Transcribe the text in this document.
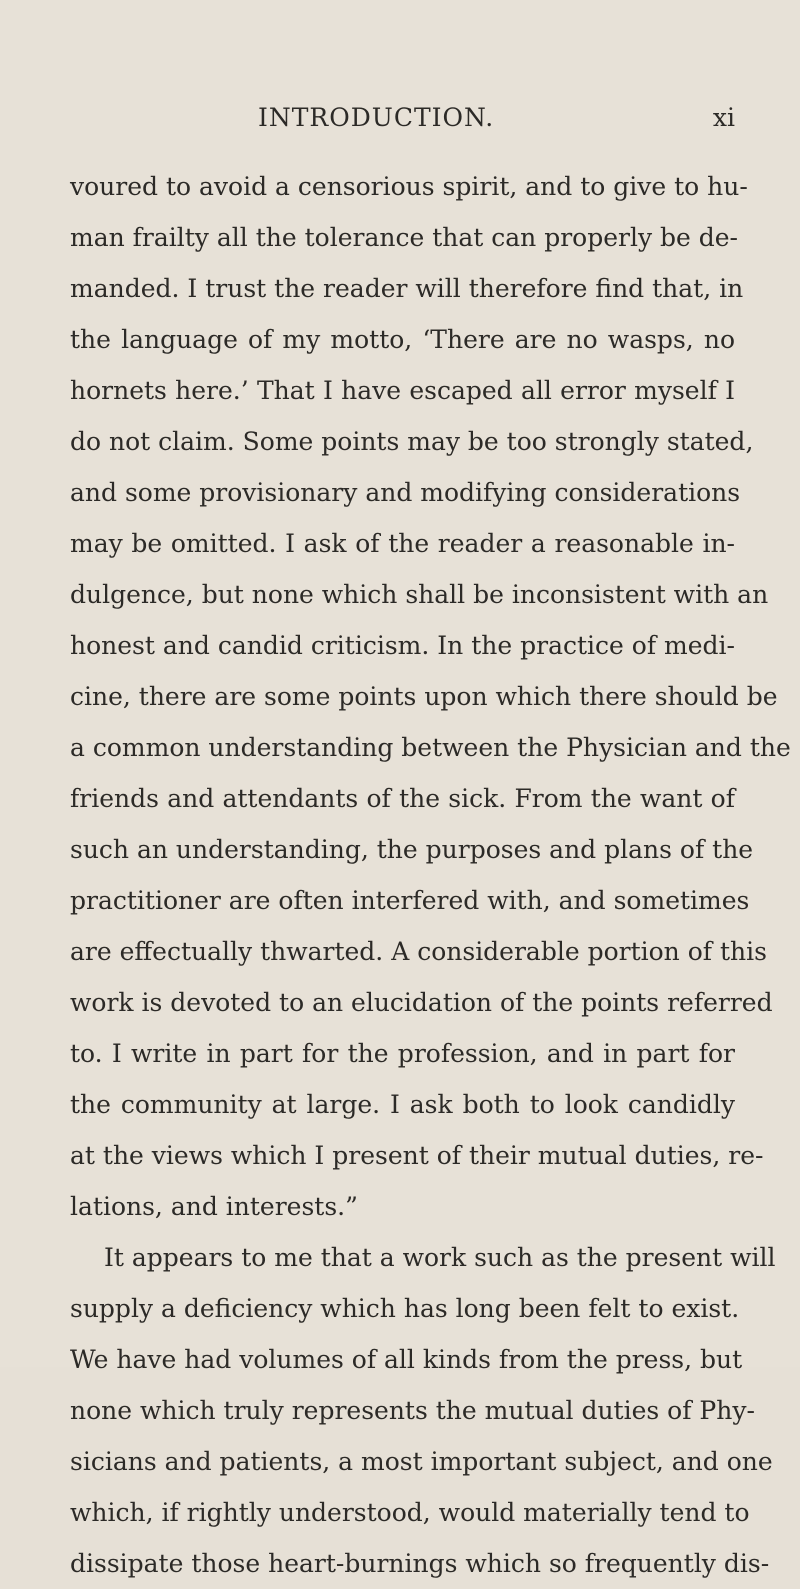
INTRODUCTION.	xi
voured to avoid a censorious spirit, and to give to hu-
man frailty all the tolerance that can properly be de-
manded. I trust the reader will therefore find that, in
the language of my motto, ‘There are no wasps, no
hornets here.’ That I have escaped all error myself I
do not claim. Some points may be too strongly stated,
and some provisionary and modifying considerations
may be omitted. I ask of the reader a reasonable in-
dulgence, but none which shall be inconsistent with an
honest and candid criticism. In the practice of medi-
cine, there are some points upon which there should be
a common understanding between the Physician and the
friends and attendants of the sick. From the want of
such an understanding, the purposes and plans of the
practitioner are often interfered with, and sometimes
are effectually thwarted. A considerable portion of this
work is devoted to an elucidation of the points referred
to. I write in part for the profession, and in part for
the community at large. I ask both to look candidly
at the views which I present of their mutual duties, re-
lations, and interests.”
It appears to me that a work such as the present will
supply a deficiency which has long been felt to exist.
We have had volumes of all kinds from the press, but
none which truly represents the mutual duties of Phy-
sicians and patients, a most important subject, and one
which, if rightly understood, would materially tend to
dissipate those heart-burnings which so frequently dis-
